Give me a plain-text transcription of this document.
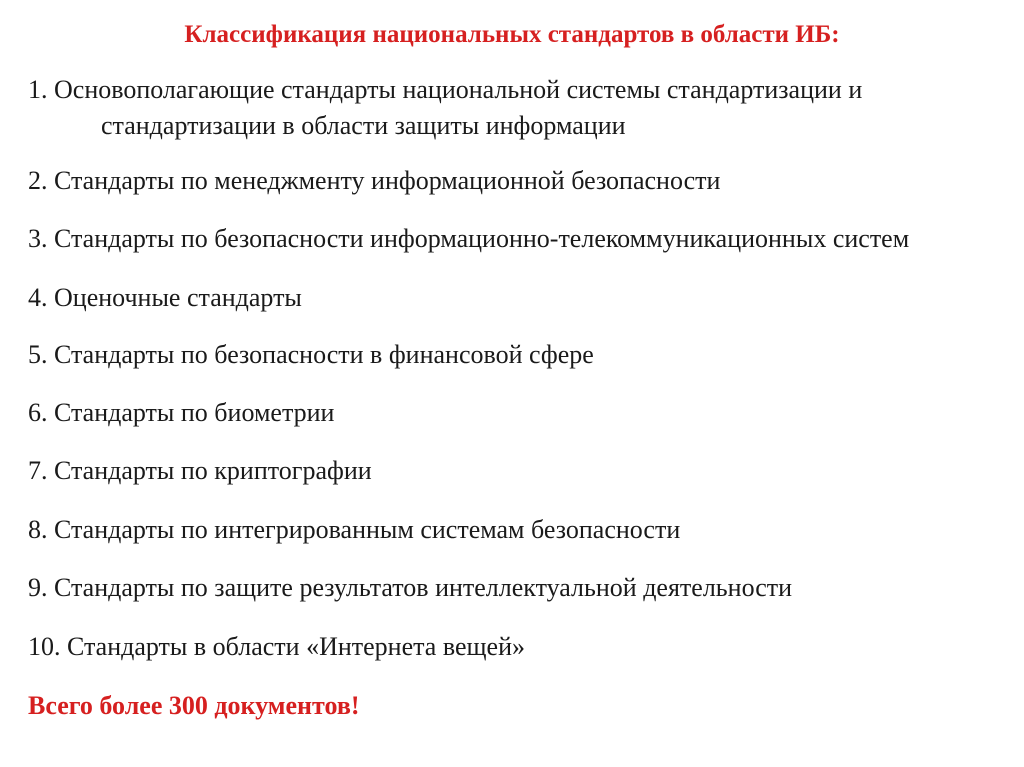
Классификация национальных стандартов в области ИБ:
1. Основополагающие стандарты национальной системы стандартизации и
стандартизации в области защиты информации
2. Стандарты по менеджменту информационной безопасности
3. Стандарты по безопасности информационно-телекоммуникационных систем
4. Оценочные стандарты
5. Стандарты по безопасности в финансовой сфере
6. Стандарты по биометрии
7. Стандарты по криптографии
8. Стандарты по интегрированным системам безопасности
9. Стандарты по защите результатов интеллектуальной деятельности
10. Стандарты в области «Интернета вещей»
Всего более 300 документов!
